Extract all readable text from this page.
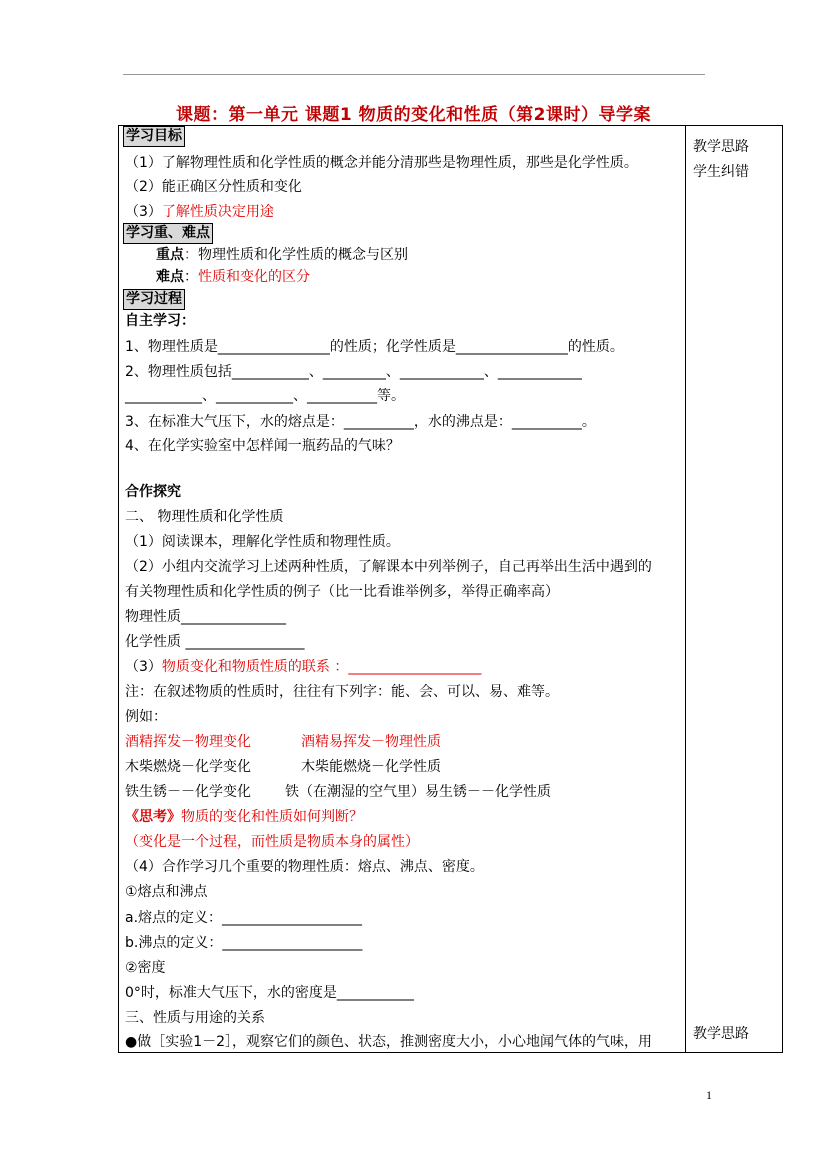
课题：第一单元 课题1 物质的变化和性质（第2课时）导学案
学习目标
（1）了解物理性质和化学性质的概念并能分清那些是物理性质，那些是化学性质。
（2）能正确区分性质和变化
（3）了解性质决定用途
学习重、难点
重点：物理性质和化学性质的概念与区别
难点：性质和变化的区分
学习过程
自主学习：
1、物理性质是________________的性质；化学性质是________________的性质。
2、物理性质包括___________、_________、____________、____________
___________、___________、__________等。
3、在标准大气压下，水的熔点是：__________，水的沸点是：__________。
4、在化学实验室中怎样闻一瓶药品的气味？
合作探究
二、 物理性质和化学性质
（1）阅读课本，理解化学性质和物理性质。
（2）小组内交流学习上述两种性质，了解课本中列举例子，自己再举出生活中遇到的
有关物理性质和化学性质的例子（比一比看谁举例多，举得正确率高）
物理性质_______________
化学性质 _________________
（3）物质变化和物质性质的联系 ：___________________
注：在叙述物质的性质时，往往有下列字：能、会、可以、易、难等。
例如：
酒精挥发－物理变化	酒精易挥发－物理性质
木柴燃烧－化学变化	木柴能燃烧－化学性质
铁生锈－－化学变化 铁（在潮湿的空气里）易生锈－－化学性质
《思考》物质的变化和性质如何判断？
（变化是一个过程，而性质是物质本身的属性）
（4）合作学习几个重要的物理性质：熔点、沸点、密度。
①熔点和沸点
a.熔点的定义：____________________
b.沸点的定义：____________________
②密度
0°时，标准大气压下，水的密度是___________
三、性质与用途的关系
●做［实验1－2］，观察它们的颜色、状态，推测密度大小，小心地闻气体的气味，用
教学思路
学生纠错
教学思路
1
